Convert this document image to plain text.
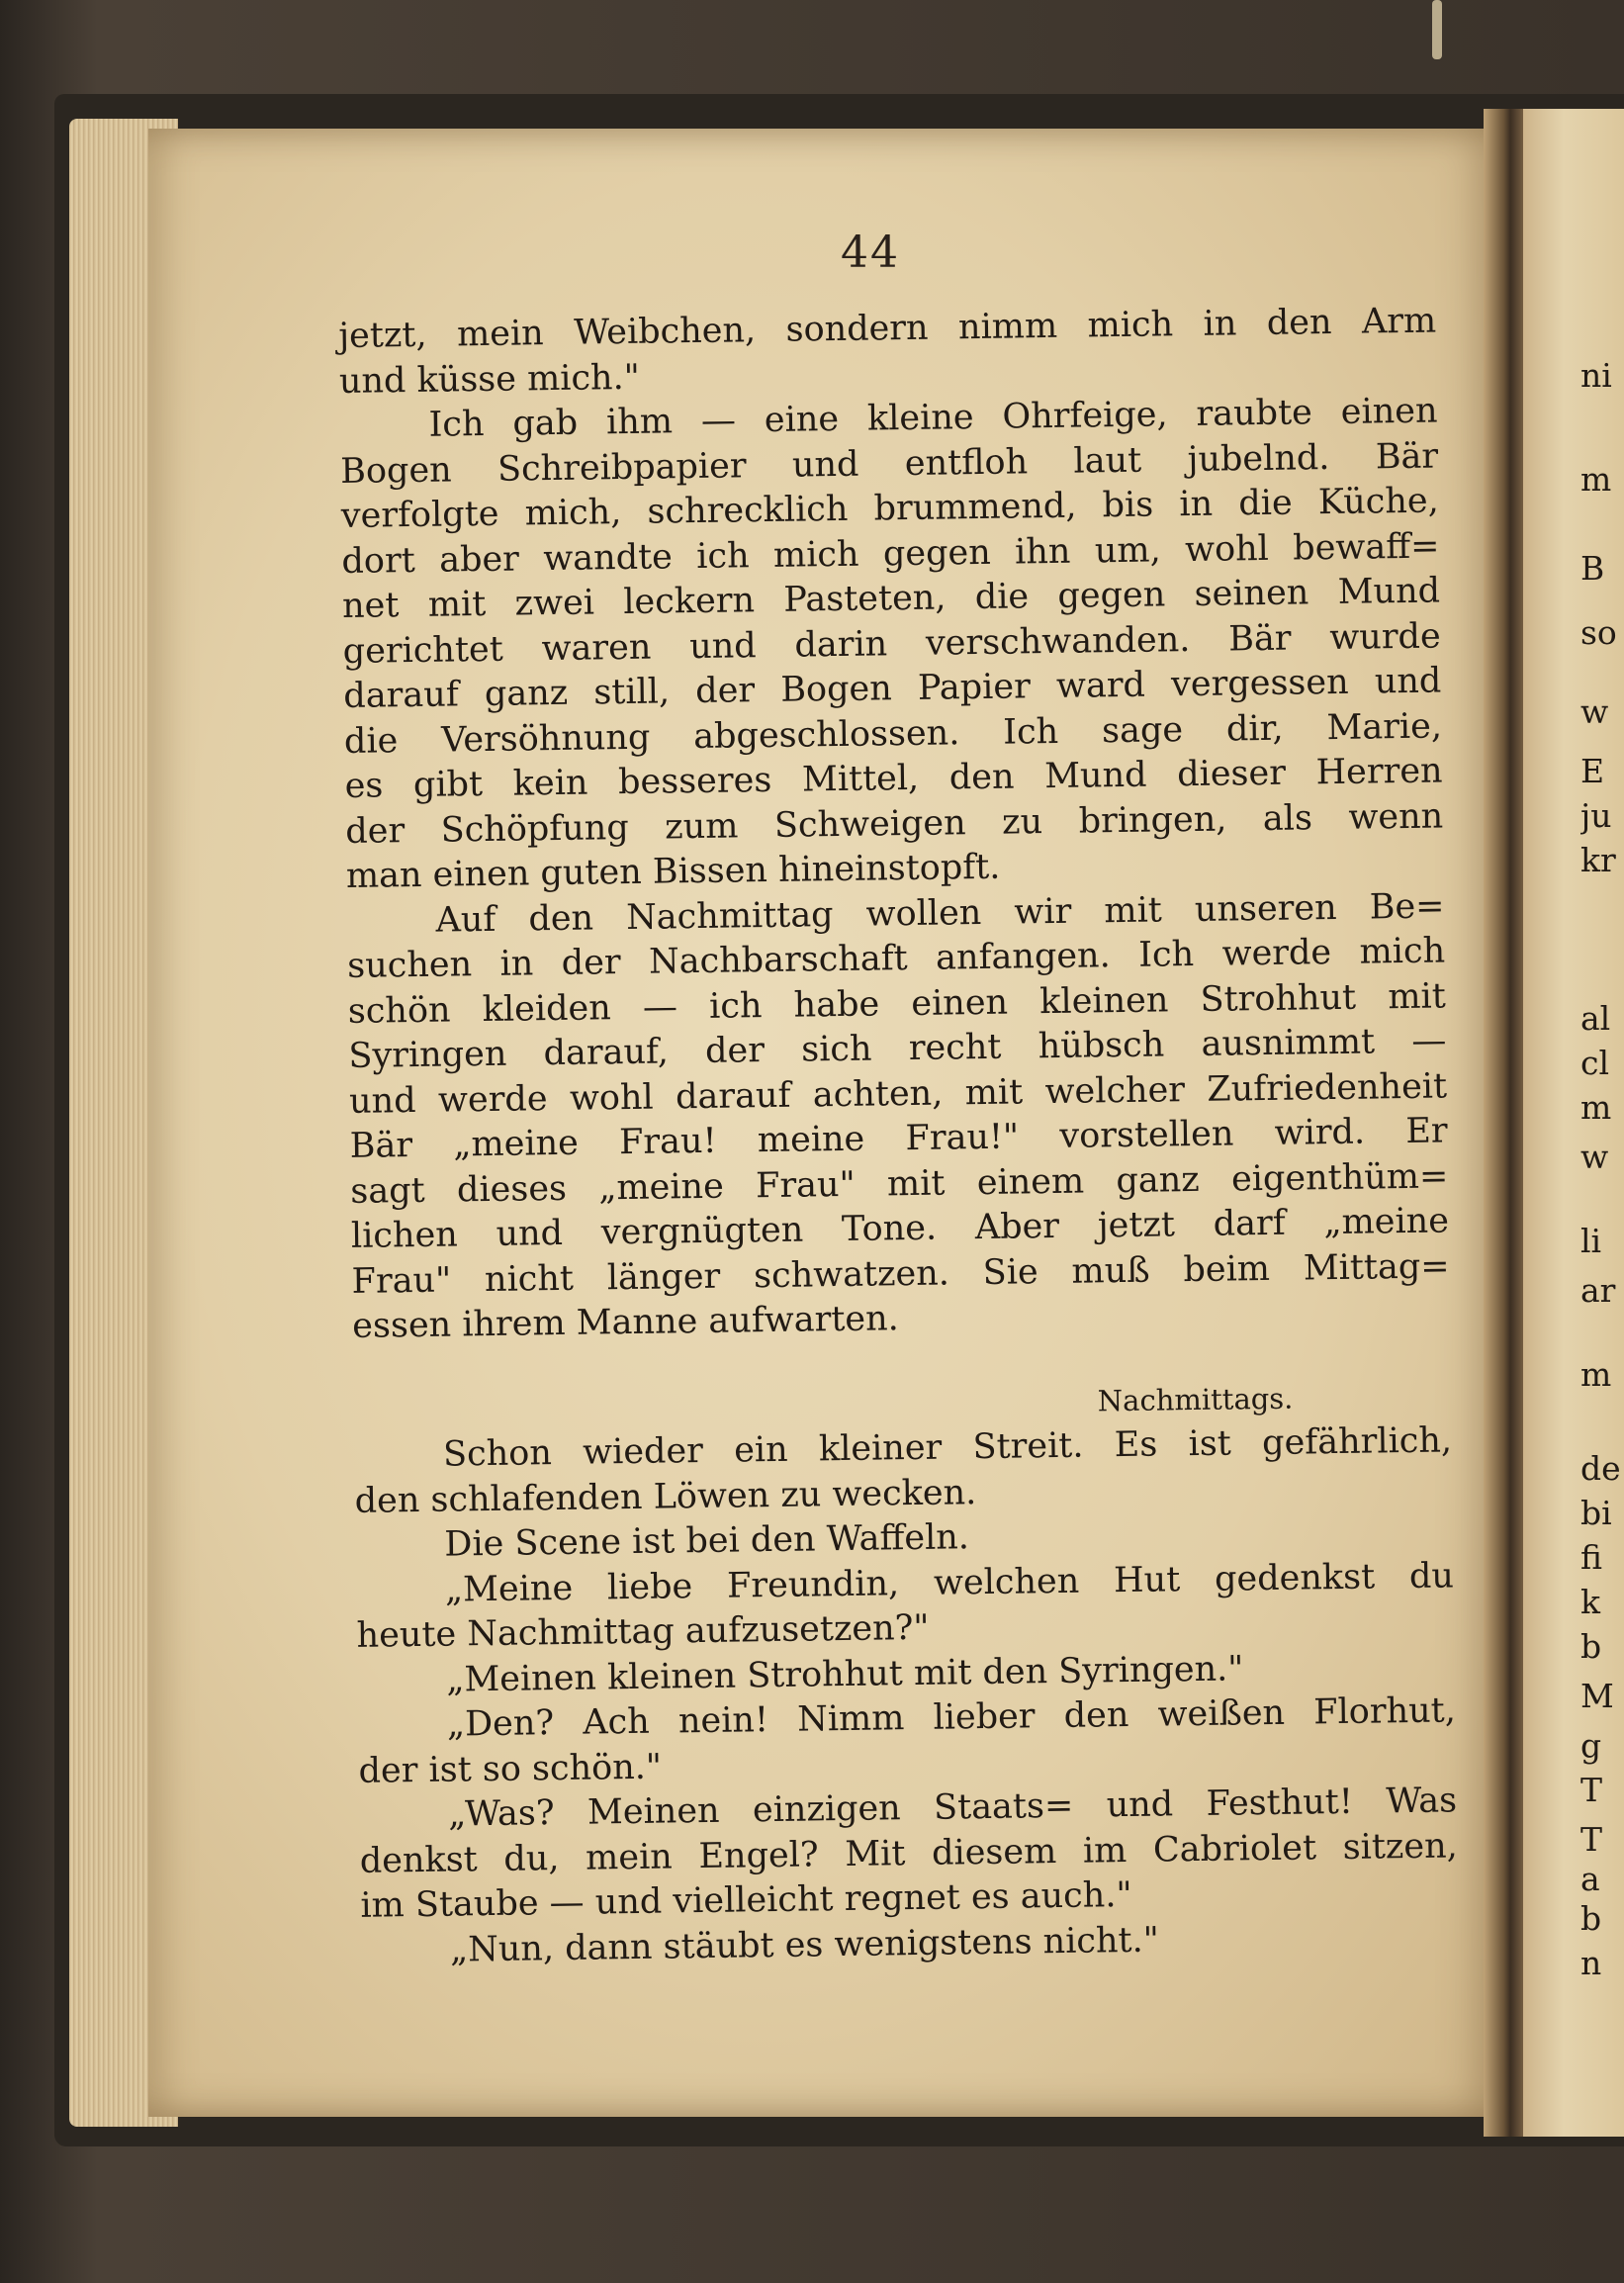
44
jetzt, mein Weibchen, sondern nimm mich in den Arm
und küsse mich."
Ich gab ihm — eine kleine Ohrfeige, raubte einen
Bogen Schreibpapier und entfloh laut jubelnd. Bär
verfolgte mich, schrecklich brummend, bis in die Küche,
dort aber wandte ich mich gegen ihn um, wohl bewaff=
net mit zwei leckern Pasteten, die gegen seinen Mund
gerichtet waren und darin verschwanden. Bär wurde
darauf ganz still, der Bogen Papier ward vergessen und
die Versöhnung abgeschlossen. Ich sage dir, Marie,
es gibt kein besseres Mittel, den Mund dieser Herren
der Schöpfung zum Schweigen zu bringen, als wenn
man einen guten Bissen hineinstopft.
Auf den Nachmittag wollen wir mit unseren Be=
suchen in der Nachbarschaft anfangen. Ich werde mich
schön kleiden — ich habe einen kleinen Strohhut mit
Syringen darauf, der sich recht hübsch ausnimmt —
und werde wohl darauf achten, mit welcher Zufriedenheit
Bär „meine Frau! meine Frau!" vorstellen wird. Er
sagt dieses „meine Frau" mit einem ganz eigenthüm=
lichen und vergnügten Tone. Aber jetzt darf „meine
Frau" nicht länger schwatzen. Sie muß beim Mittag=
essen ihrem Manne aufwarten.
Nachmittags.
Schon wieder ein kleiner Streit. Es ist gefährlich,
den schlafenden Löwen zu wecken.
Die Scene ist bei den Waffeln.
„Meine liebe Freundin, welchen Hut gedenkst du
heute Nachmittag aufzusetzen?"
„Meinen kleinen Strohhut mit den Syringen."
„Den? Ach nein! Nimm lieber den weißen Florhut,
der ist so schön."
„Was? Meinen einzigen Staats= und Festhut! Was
denkst du, mein Engel? Mit diesem im Cabriolet sitzen,
im Staube — und vielleicht regnet es auch."
„Nun, dann stäubt es wenigstens nicht."
ni
m
B
so
w
E
ju
kr
al
cl
m
w
li
ar
m
de
bi
fi
k
b
M
g
T
T
a
b
n
